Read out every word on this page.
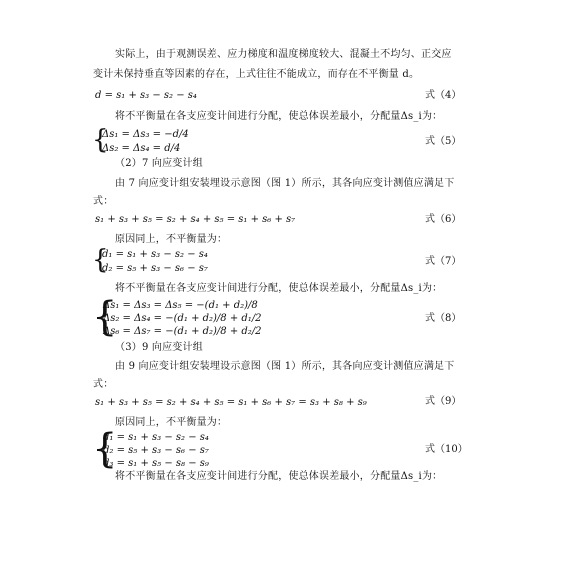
实际上，由于观测误差、应力梯度和温度梯度较大、混凝土不均匀、正交应
变计未保持垂直等因素的存在，上式往往不能成立，而存在不平衡量 d。
d = s₁ + s₃ − s₂ − s₄	式（4）
将不平衡量在各支应变计间进行分配，使总体误差最小，分配量Δs_i为：
{
Δs₁ = Δs₃ = −d/4
Δs₂ = Δs₄ = d/4
式（5）
（2）7 向应变计组
由 7 向应变计组安装埋设示意图（图 1）所示，其各向应变计测值应满足下
式：
s₁ + s₃ + s₅ = s₂ + s₄ + s₅ = s₁ + s₆ + s₇	式（6）
原因同上，不平衡量为：
{
d₁ = s₁ + s₃ − s₂ − s₄
d₂ = s₅ + s₃ − s₆ − s₇
式（7）
将不平衡量在各支应变计间进行分配，使总体误差最小，分配量Δs_i为：
{
Δs₁ = Δs₃ = Δs₅ = −(d₁ + d₂)/8
Δs₂ = Δs₄ = −(d₁ + d₂)/8 + d₁/2
Δs₆ = Δs₇ = −(d₁ + d₂)/8 + d₂/2
式（8）
（3）9 向应变计组
由 9 向应变计组安装埋设示意图（图 1）所示，其各向应变计测值应满足下
式：
s₁ + s₃ + s₅ = s₂ + s₄ + s₅ = s₁ + s₆ + s₇ = s₃ + s₈ + s₉	式（9）
原因同上，不平衡量为：
{
d₁ = s₁ + s₃ − s₂ − s₄
d₂ = s₅ + s₃ − s₆ − s₇
d₃ = s₁ + s₅ − s₈ − s₉
式（10）
将不平衡量在各支应变计间进行分配，使总体误差最小，分配量Δs_i为：
